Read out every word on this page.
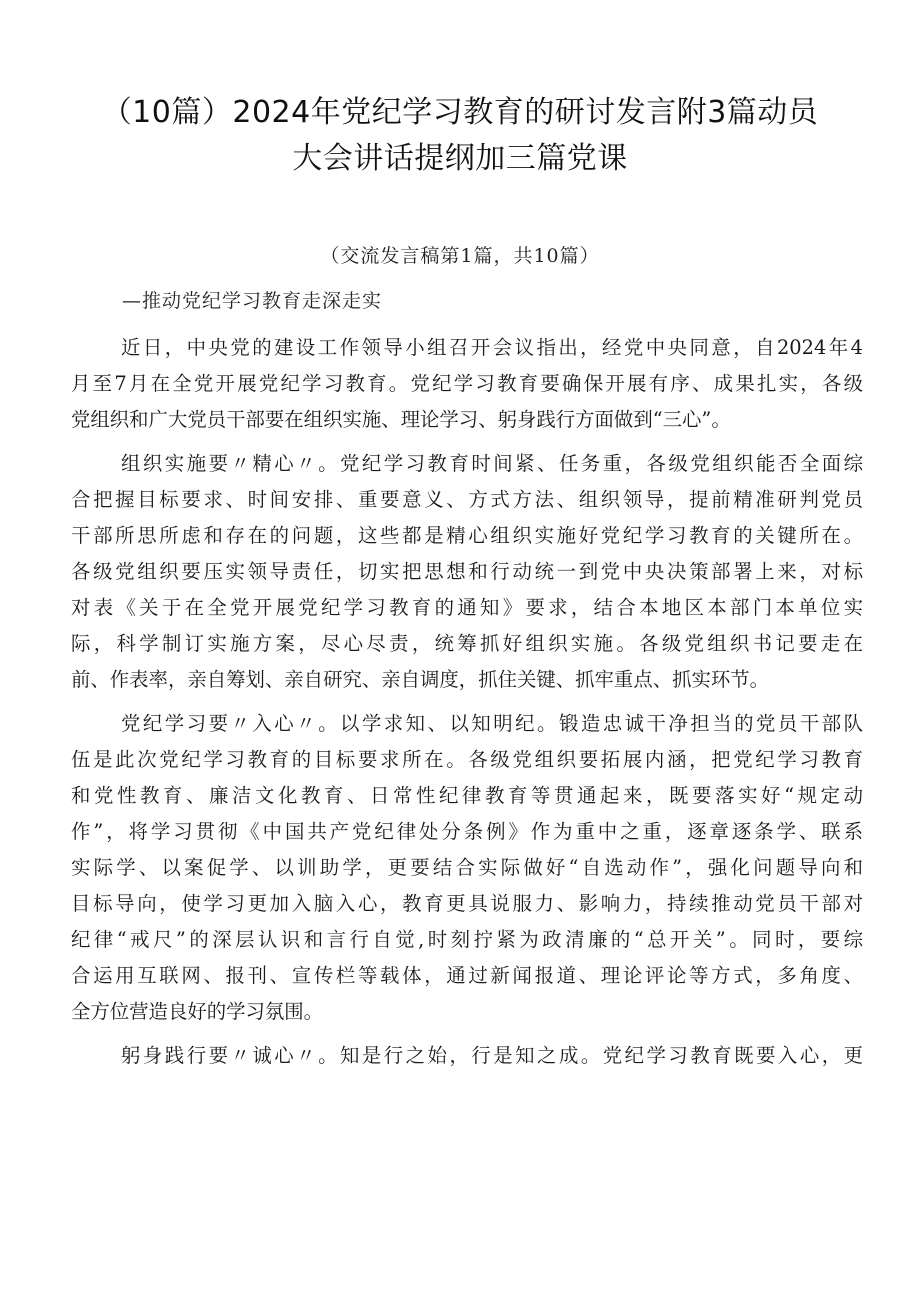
（10篇）2024年党纪学习教育的研讨发言附3篇动员
大会讲话提纲加三篇党课
（交流发言稿第1篇，共10篇）
—推动党纪学习教育走深走实
近日，中央党的建设工作领导小组召开会议指出，经党中央同意，自2024年4
月至7月在全党开展党纪学习教育。党纪学习教育要确保开展有序、成果扎实，各级
党组织和广大党员干部要在组织实施、理论学习、躬身践行方面做到“三心”。
组织实施要〃精心〃。党纪学习教育时间紧、任务重，各级党组织能否全面综
合把握目标要求、时间安排、重要意义、方式方法、组织领导，提前精准研判党员
干部所思所虑和存在的问题，这些都是精心组织实施好党纪学习教育的关键所在。
各级党组织要压实领导责任，切实把思想和行动统一到党中央决策部署上来，对标
对表《关于在全党开展党纪学习教育的通知》要求，结合本地区本部门本单位实
际，科学制订实施方案，尽心尽责，统筹抓好组织实施。各级党组织书记要走在
前、作表率，亲自筹划、亲自研究、亲自调度，抓住关键、抓牢重点、抓实环节。
党纪学习要〃入心〃。以学求知、以知明纪。锻造忠诚干净担当的党员干部队
伍是此次党纪学习教育的目标要求所在。各级党组织要拓展内涵，把党纪学习教育
和党性教育、廉洁文化教育、日常性纪律教育等贯通起来，既要落实好“规定动
作”，将学习贯彻《中国共产党纪律处分条例》作为重中之重，逐章逐条学、联系
实际学、以案促学、以训助学，更要结合实际做好“自选动作”，强化问题导向和
目标导向，使学习更加入脑入心，教育更具说服力、影响力，持续推动党员干部对
纪律“戒尺”的深层认识和言行自觉,时刻拧紧为政清廉的“总开关”。同时，要综
合运用互联网、报刊、宣传栏等载体，通过新闻报道、理论评论等方式，多角度、
全方位营造良好的学习氛围。
躬身践行要〃诚心〃。知是行之始，行是知之成。党纪学习教育既要入心，更
